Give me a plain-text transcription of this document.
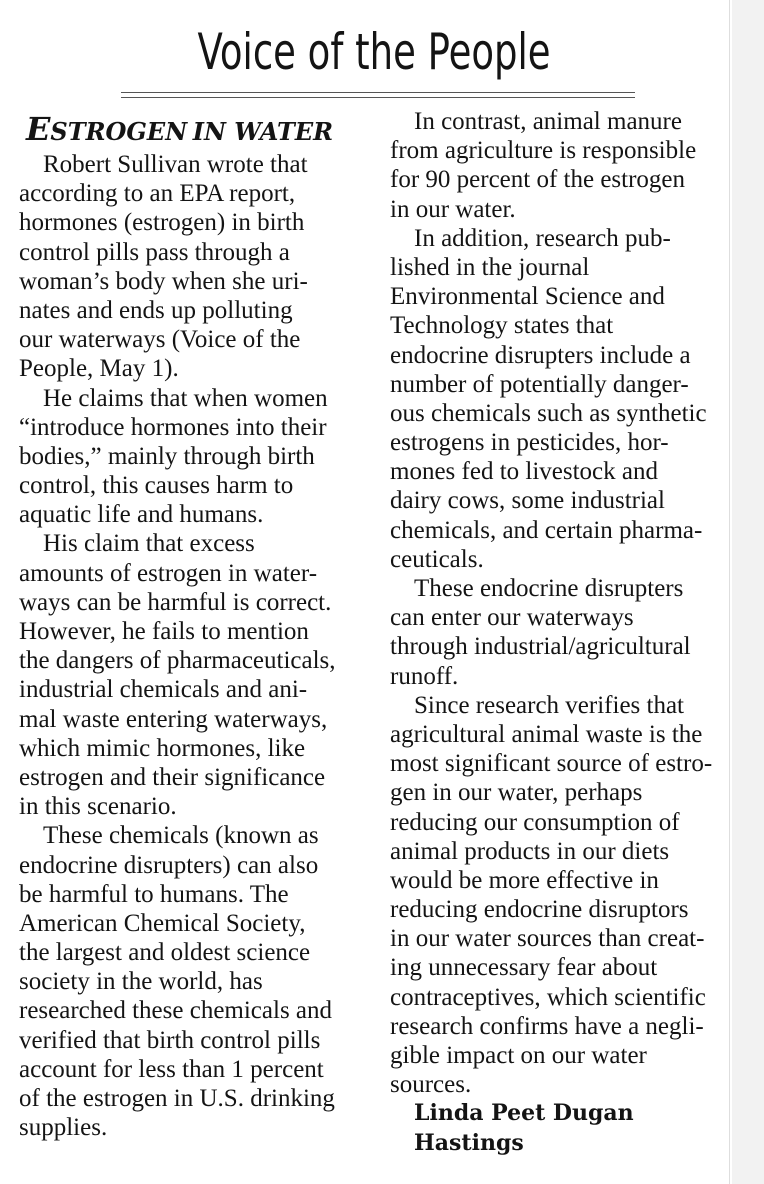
Voice of the People
ESTROGEN IN WATER
Robert Sullivan wrote that
according to an EPA report,
hormones (estrogen) in birth
control pills pass through a
woman’s body when she uri-
nates and ends up polluting
our waterways (Voice of the
People, May 1).
He claims that when women
“introduce hormones into their
bodies,” mainly through birth
control, this causes harm to
aquatic life and humans.
His claim that excess
amounts of estrogen in water-
ways can be harmful is correct.
However, he fails to mention
the dangers of pharmaceuticals,
industrial chemicals and ani-
mal waste entering waterways,
which mimic hormones, like
estrogen and their significance
in this scenario.
These chemicals (known as
endocrine disrupters) can also
be harmful to humans. The
American Chemical Society,
the largest and oldest science
society in the world, has
researched these chemicals and
verified that birth control pills
account for less than 1 percent
of the estrogen in U.S. drinking
supplies.
In contrast, animal manure
from agriculture is responsible
for 90 percent of the estrogen
in our water.
In addition, research pub-
lished in the journal
Environmental Science and
Technology states that
endocrine disrupters include a
number of potentially danger-
ous chemicals such as synthetic
estrogens in pesticides, hor-
mones fed to livestock and
dairy cows, some industrial
chemicals, and certain pharma-
ceuticals.
These endocrine disrupters
can enter our waterways
through industrial/agricultural
runoff.
Since research verifies that
agricultural animal waste is the
most significant source of estro-
gen in our water, perhaps
reducing our consumption of
animal products in our diets
would be more effective in
reducing endocrine disruptors
in our water sources than creat-
ing unnecessary fear about
contraceptives, which scientific
research confirms have a negli-
gible impact on our water
sources.
Linda Peet Dugan
Hastings
